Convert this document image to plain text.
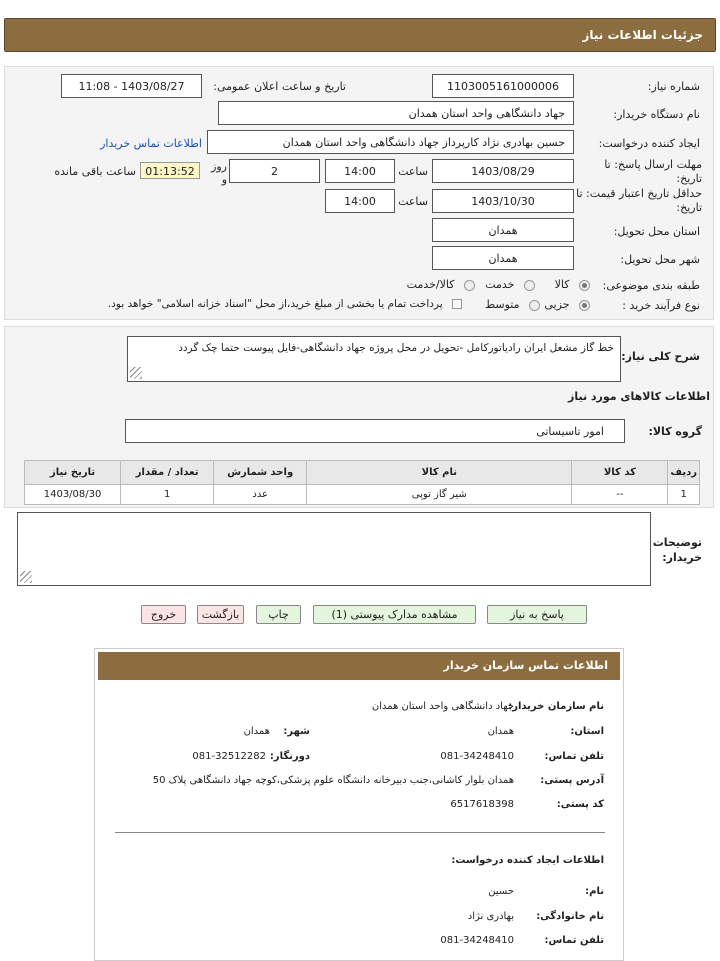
جزئیات اطلاعات نیاز
شماره نیاز:
1103005161000006
تاریخ و ساعت اعلان عمومی:
1403/08/27 - 11:08
نام دستگاه خریدار:
جهاد دانشگاهی واحد استان همدان
ایجاد کننده درخواست:
حسین بهادری نژاد کارپرداز جهاد دانشگاهی واحد استان همدان
اطلاعات تماس خریدار
مهلت ارسال پاسخ: تا
تاریخ:
1403/08/29
ساعت
14:00
2
روز
و
01:13:52
ساعت باقی مانده
حداقل تاریخ اعتبار قیمت: تا
تاریخ:
1403/10/30
ساعت
14:00
استان محل تحویل:
همدان
شهر محل تحویل:
همدان
طبقه بندی موضوعی:
کالا
خدمت
کالا/خدمت
نوع فرآیند خرید :
جزیی
متوسط
پرداخت تمام یا بخشی از مبلغ خرید،از محل "اسناد خزانه اسلامی" خواهد بود.
شرح کلی نیاز:
خط گاز مشعل ایران رادیاتورکامل -تحویل در محل پروژه جهاد دانشگاهی-فایل پیوست حتما چک گردد
اطلاعات کالاهای مورد نیاز
گروه کالا:
امور تاسیساتی
ردیف	کد کالا	نام کالا	واحد شمارش	تعداد / مقدار	تاریخ نیاز
1	--	شیر گاز توپی	عدد	1	1403/08/30
توضیحات
خریدار:
پاسخ به نیاز
مشاهده مدارک پیوستی (1)
چاپ
بازگشت
خروج
اطلاعات تماس سازمان خریدار
نام سازمان خریدار:
جهاد دانشگاهی واحد استان همدان
استان:
همدان
شهر:
همدان
تلفن تماس:
081-34248410
دورنگار:
081-32512282
آدرس پستی:
همدان بلوار کاشانی،جنب دبیرخانه دانشگاه علوم پزشکی،کوچه جهاد دانشگاهی پلاک 50
کد پستی:
6517618398
اطلاعات ایجاد کننده درخواست:
نام:
حسین
نام خانوادگی:
بهادری نژاد
تلفن تماس:
081-34248410
